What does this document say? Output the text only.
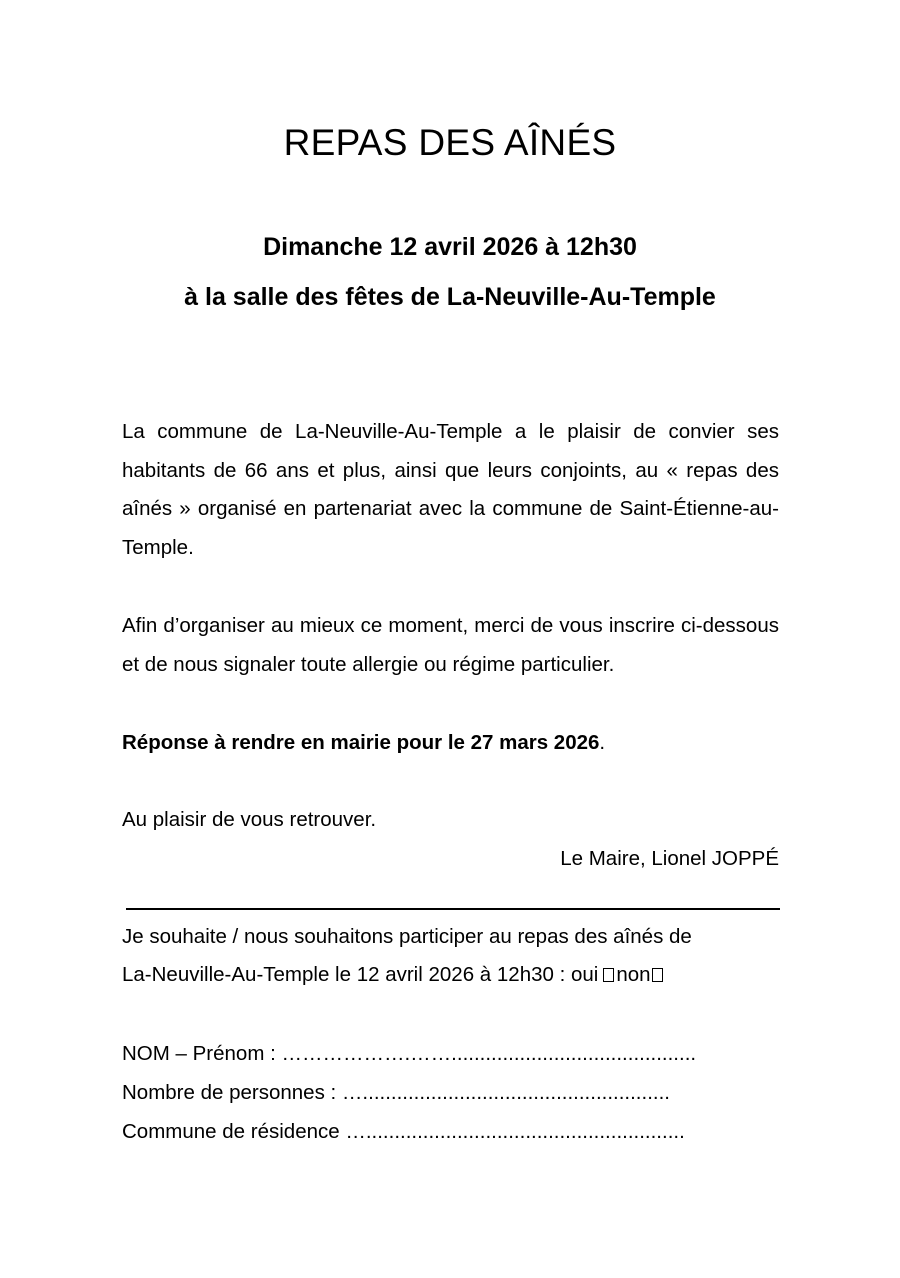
REPAS DES AÎNÉS

Dimanche 12 avril 2026 à 12h30

à la salle des fêtes de La-Neuville-Au-Temple

La commune de La-Neuville-Au-Temple a le plaisir de convier ses habitants de 66 ans et plus, ainsi que leurs conjoints, au « repas des aînés » organisé en partenariat avec la commune de Saint-Étienne-au-Temple.

Afin d’organiser au mieux ce moment, merci de vous inscrire ci-dessous et de nous signaler toute allergie ou régime particulier.

Réponse à rendre en mairie pour le 27 mars 2026.

Au plaisir de vous retrouver.

Le Maire, Lionel JOPPÉ

Je souhaite / nous souhaitons participer au repas des aînés de

La-Neuville-Au-Temple le 12 avril 2026 à 12h30 : oui non

NOM – Prénom : ……………….……...........................................

Nombre de personnes : …......................................................

Commune de résidence …........................................................
